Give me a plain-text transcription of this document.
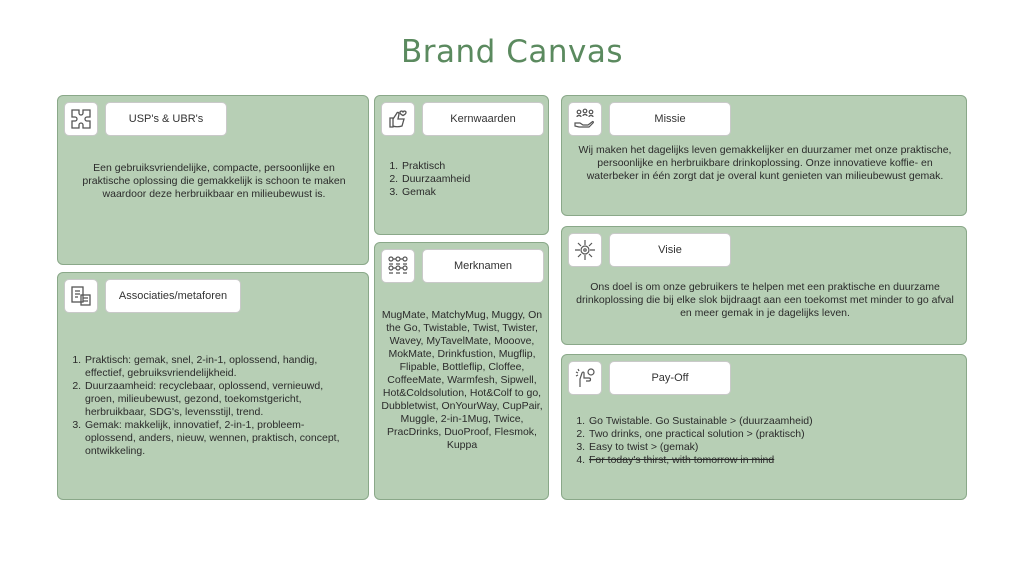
Brand Canvas
USP's & UBR's
Een gebruiksvriendelijke, compacte, persoonlijke en praktische oplossing die gemakkelijk is schoon te maken waardoor deze herbruikbaar en milieubewust is.
Associaties/metaforen
1. Praktisch: gemak, snel, 2-in-1, oplossend, handig, effectief, gebruiksvriendelijkheid.
2. Duurzaamheid: recyclebaar, oplossend, vernieuwd, groen, milieubewust, gezond, toekomstgericht, herbruikbaar, SDG's, levensstijl, trend.
3. Gemak: makkelijk, innovatief, 2-in-1, probleem-oplossend, anders, nieuw, wennen, praktisch, concept, ontwikkeling.
Kernwaarden
1. Praktisch
2. Duurzaamheid
3. Gemak
Merknamen
MugMate, MatchyMug, Muggy, On the Go, Twistable, Twist, Twister, Wavey, MyTavelMate, Mooove, MokMate, Drinkfustion, Mugflip, Flipable, Bottleflip, Cloffee, CoffeeMate, Warmfesh, Sipwell, Hot&Coldsolution, Hot&Colf to go, Dubbletwist, OnYourWay, CupPair, Muggle, 2-in-1Mug, Twice, PracDrinks, DuoProof, Flesmok, Kuppa
Missie
Wij maken het dagelijks leven gemakkelijker en duurzamer met onze praktische, persoonlijke en herbruikbare drinkoplossing. Onze innovatieve koffie- en waterbeker in één zorgt dat je overal kunt genieten van milieubewust gemak.
Visie
Ons doel is om onze gebruikers te helpen met een praktische en duurzame drinkoplossing die bij elke slok bijdraagt aan een toekomst met minder to go afval en meer gemak in je dagelijks leven.
Pay-Off
1. Go Twistable. Go Sustainable > (duurzaamheid)
2. Two drinks, one practical solution > (praktisch)
3. Easy to twist > (gemak)
4. For today's thirst, with tomorrow in mind
